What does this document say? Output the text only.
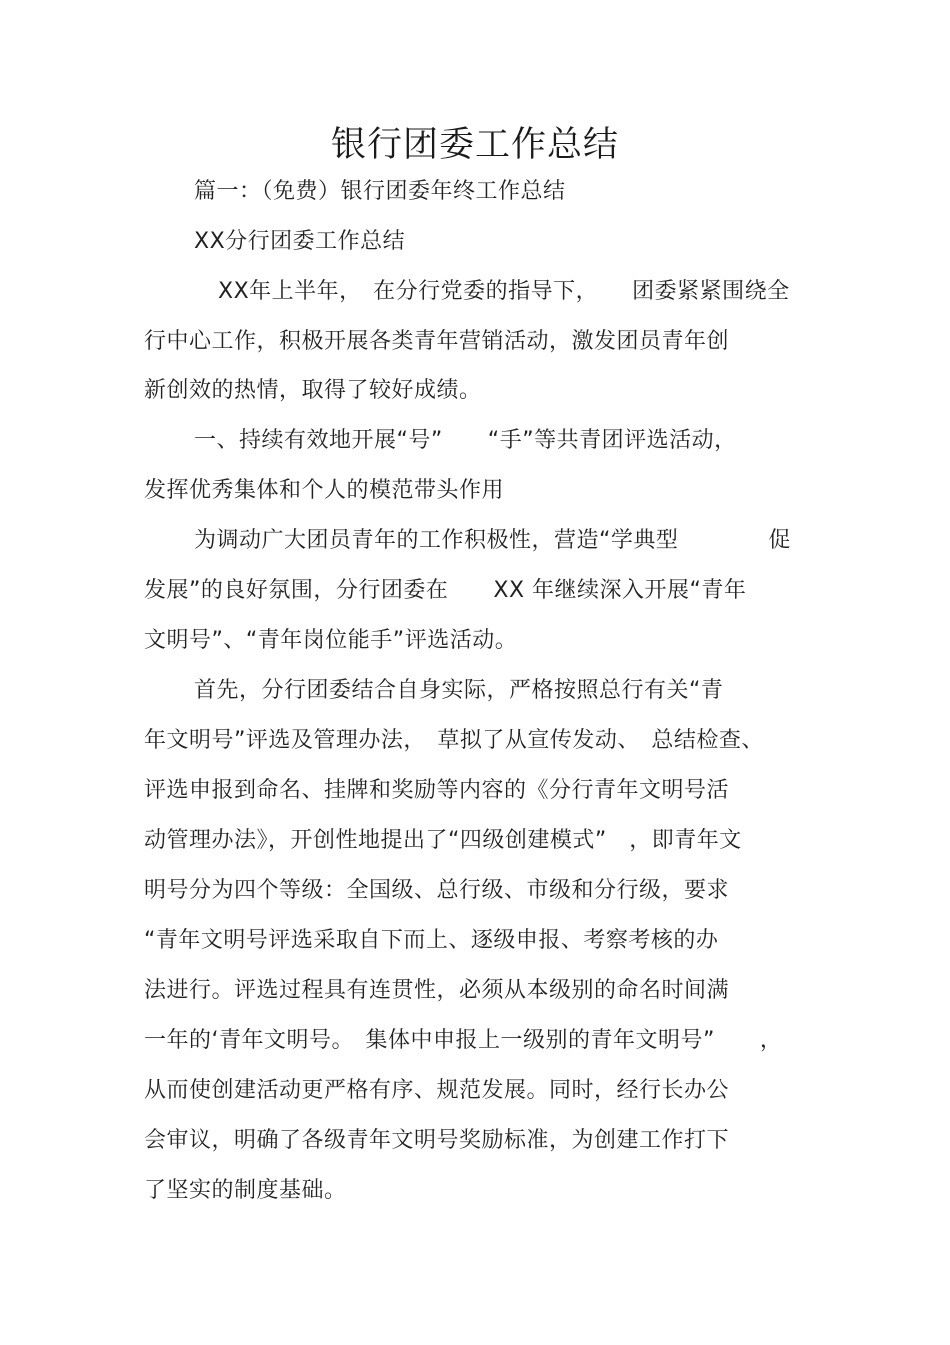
银行团委工作总结
篇一：（免费）银行团委年终工作总结
XX分行团委工作总结
XX年上半年，　在分行党委的指导下，　　团委紧紧围绕全
行中心工作，积极开展各类青年营销活动，激发团员青年创
新创效的热情，取得了较好成绩。
一、持续有效地开展“号”　　“手”等共青团评选活动，
发挥优秀集体和个人的模范带头作用
为调动广大团员青年的工作积极性，营造“学典型　　　　促
发展”的良好氛围，分行团委在　　XX 年继续深入开展“青年
文明号”、“青年岗位能手”评选活动。
首先，分行团委结合自身实际，严格按照总行有关“青
年文明号”评选及管理办法，　草拟了从宣传发动、　总结检查、
评选申报到命名、挂牌和奖励等内容的《分行青年文明号活
动管理办法》，开创性地提出了“四级创建模式”　，即青年文
明号分为四个等级：全国级、总行级、市级和分行级，要求
“青年文明号评选采取自下而上、逐级申报、考察考核的办
法进行。评选过程具有连贯性，必须从本级别的命名时间满
一年的‘青年文明号。　集体中申报上一级别的青年文明号”　　，
从而使创建活动更严格有序、规范发展。同时，经行长办公
会审议，明确了各级青年文明号奖励标准，为创建工作打下
了坚实的制度基础。
